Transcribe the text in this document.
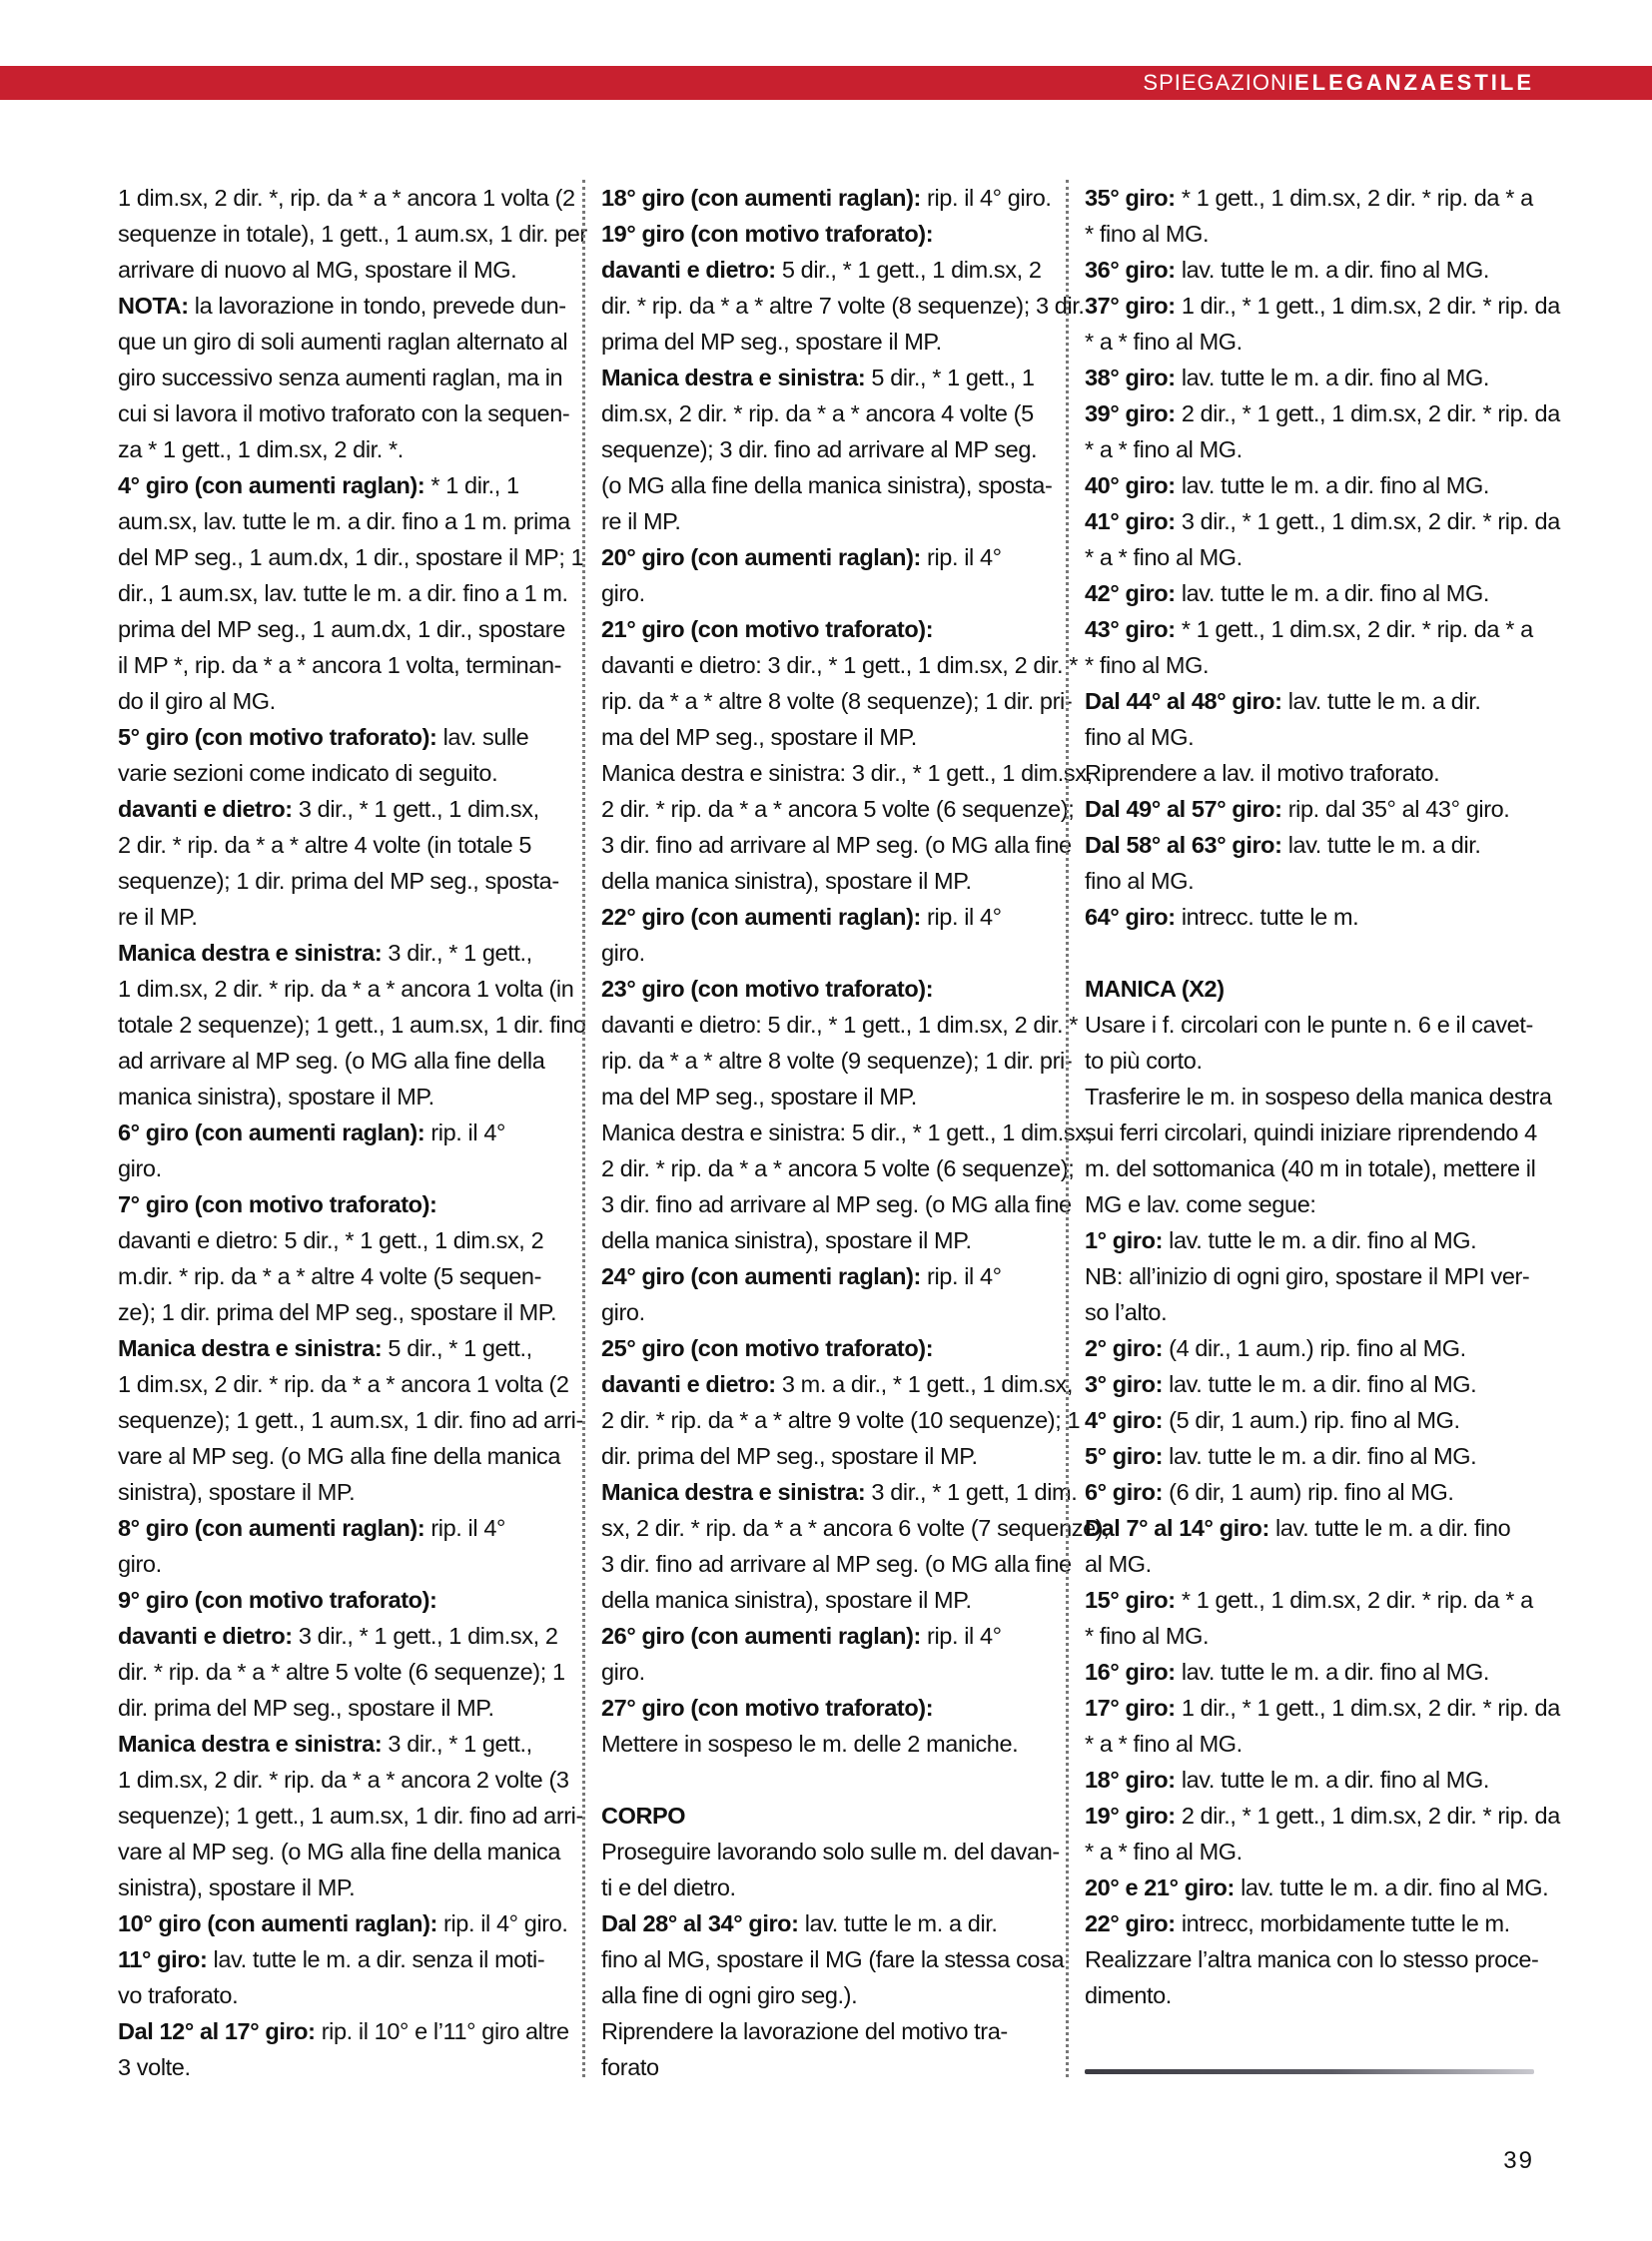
SPIEGAZIONIELEGANZAESTILE
1 dim.sx, 2 dir. *, rip. da * a * ancora 1 volta (2
sequenze in totale), 1 gett., 1 aum.sx, 1 dir. per
arrivare di nuovo al MG, spostare il MG.
NOTA: la lavorazione in tondo, prevede dun-
que un giro di soli aumenti raglan alternato al
giro successivo senza aumenti raglan, ma in
cui si lavora il motivo traforato con la sequen-
za * 1 gett., 1 dim.sx, 2 dir. *.
4° giro (con aumenti raglan): * 1 dir., 1
aum.sx, lav. tutte le m. a dir. fino a 1 m. prima
del MP seg., 1 aum.dx, 1 dir., spostare il MP; 1
dir., 1 aum.sx, lav. tutte le m. a dir. fino a 1 m.
prima del MP seg., 1 aum.dx, 1 dir., spostare
il MP *, rip. da * a * ancora 1 volta, terminan-
do il giro al MG.
5° giro (con motivo traforato): lav. sulle
varie sezioni come indicato di seguito.
davanti e dietro: 3 dir., * 1 gett., 1 dim.sx,
2 dir. * rip. da * a * altre 4 volte (in totale 5
sequenze); 1 dir. prima del MP seg., sposta-
re il MP.
Manica destra e sinistra: 3 dir., * 1 gett.,
1 dim.sx, 2 dir. * rip. da * a * ancora 1 volta (in
totale 2 sequenze); 1 gett., 1 aum.sx, 1 dir. fino
ad arrivare al MP seg. (o MG alla fine della
manica sinistra), spostare il MP.
6° giro (con aumenti raglan): rip. il 4°
giro.
7° giro (con motivo traforato):
davanti e dietro: 5 dir., * 1 gett., 1 dim.sx, 2
m.dir. * rip. da * a * altre 4 volte (5 sequen-
ze); 1 dir. prima del MP seg., spostare il MP.
Manica destra e sinistra: 5 dir., * 1 gett.,
1 dim.sx, 2 dir. * rip. da * a * ancora 1 volta (2
sequenze); 1 gett., 1 aum.sx, 1 dir. fino ad arri-
vare al MP seg. (o MG alla fine della manica
sinistra), spostare il MP.
8° giro (con aumenti raglan): rip. il 4°
giro.
9° giro (con motivo traforato):
davanti e dietro: 3 dir., * 1 gett., 1 dim.sx, 2
dir. * rip. da * a * altre 5 volte (6 sequenze); 1
dir. prima del MP seg., spostare il MP.
Manica destra e sinistra: 3 dir., * 1 gett.,
1 dim.sx, 2 dir. * rip. da * a * ancora 2 volte (3
sequenze); 1 gett., 1 aum.sx, 1 dir. fino ad arri-
vare al MP seg. (o MG alla fine della manica
sinistra), spostare il MP.
10° giro (con aumenti raglan): rip. il 4° giro.
11° giro: lav. tutte le m. a dir. senza il moti-
vo traforato.
Dal 12° al 17° giro: rip. il 10° e l’11° giro altre
3 volte.
18° giro (con aumenti raglan): rip. il 4° giro.
19° giro (con motivo traforato):
davanti e dietro: 5 dir., * 1 gett., 1 dim.sx, 2
dir. * rip. da * a * altre 7 volte (8 sequenze); 3 dir.
prima del MP seg., spostare il MP.
Manica destra e sinistra: 5 dir., * 1 gett., 1
dim.sx, 2 dir. * rip. da * a * ancora 4 volte (5
sequenze); 3 dir. fino ad arrivare al MP seg.
(o MG alla fine della manica sinistra), sposta-
re il MP.
20° giro (con aumenti raglan): rip. il 4°
giro.
21° giro (con motivo traforato):
davanti e dietro: 3 dir., * 1 gett., 1 dim.sx, 2 dir. *
rip. da * a * altre 8 volte (8 sequenze); 1 dir. pri-
ma del MP seg., spostare il MP.
Manica destra e sinistra: 3 dir., * 1 gett., 1 dim.sx,
2 dir. * rip. da * a * ancora 5 volte (6 sequenze);
3 dir. fino ad arrivare al MP seg. (o MG alla fine
della manica sinistra), spostare il MP.
22° giro (con aumenti raglan): rip. il 4°
giro.
23° giro (con motivo traforato):
davanti e dietro: 5 dir., * 1 gett., 1 dim.sx, 2 dir. *
rip. da * a * altre 8 volte (9 sequenze); 1 dir. pri-
ma del MP seg., spostare il MP.
Manica destra e sinistra: 5 dir., * 1 gett., 1 dim.sx,
2 dir. * rip. da * a * ancora 5 volte (6 sequenze);
3 dir. fino ad arrivare al MP seg. (o MG alla fine
della manica sinistra), spostare il MP.
24° giro (con aumenti raglan): rip. il 4°
giro.
25° giro (con motivo traforato):
davanti e dietro: 3 m. a dir., * 1 gett., 1 dim.sx,
2 dir. * rip. da * a * altre 9 volte (10 sequenze); 1
dir. prima del MP seg., spostare il MP.
Manica destra e sinistra: 3 dir., * 1 gett, 1 dim.
sx, 2 dir. * rip. da * a * ancora 6 volte (7 sequenze);
3 dir. fino ad arrivare al MP seg. (o MG alla fine
della manica sinistra), spostare il MP.
26° giro (con aumenti raglan): rip. il 4°
giro.
27° giro (con motivo traforato):
Mettere in sospeso le m. delle 2 maniche.
CORPO
Proseguire lavorando solo sulle m. del davan-
ti e del dietro.
Dal 28° al 34° giro: lav. tutte le m. a dir.
fino al MG, spostare il MG (fare la stessa cosa
alla fine di ogni giro seg.).
Riprendere la lavorazione del motivo tra-
forato
35° giro: * 1 gett., 1 dim.sx, 2 dir. * rip. da * a
* fino al MG.
36° giro: lav. tutte le m. a dir. fino al MG.
37° giro: 1 dir., * 1 gett., 1 dim.sx, 2 dir. * rip. da
* a * fino al MG.
38° giro: lav. tutte le m. a dir. fino al MG.
39° giro: 2 dir., * 1 gett., 1 dim.sx, 2 dir. * rip. da
* a * fino al MG.
40° giro: lav. tutte le m. a dir. fino al MG.
41° giro: 3 dir., * 1 gett., 1 dim.sx, 2 dir. * rip. da
* a * fino al MG.
42° giro: lav. tutte le m. a dir. fino al MG.
43° giro: * 1 gett., 1 dim.sx, 2 dir. * rip. da * a
* fino al MG.
Dal 44° al 48° giro: lav. tutte le m. a dir.
fino al MG.
Riprendere a lav. il motivo traforato.
Dal 49° al 57° giro: rip. dal 35° al 43° giro.
Dal 58° al 63° giro: lav. tutte le m. a dir.
fino al MG.
64° giro: intrecc. tutte le m.
MANICA (X2)
Usare i f. circolari con le punte n. 6 e il cavet-
to più corto.
Trasferire le m. in sospeso della manica destra
sui ferri circolari, quindi iniziare riprendendo 4
m. del sottomanica (40 m in totale), mettere il
MG e lav. come segue:
1° giro: lav. tutte le m. a dir. fino al MG.
NB: all’inizio di ogni giro, spostare il MPI ver-
so l’alto.
2° giro: (4 dir., 1 aum.) rip. fino al MG.
3° giro: lav. tutte le m. a dir. fino al MG.
4° giro: (5 dir, 1 aum.) rip. fino al MG.
5° giro: lav. tutte le m. a dir. fino al MG.
6° giro: (6 dir, 1 aum) rip. fino al MG.
Dal 7° al 14° giro: lav. tutte le m. a dir. fino
al MG.
15° giro: * 1 gett., 1 dim.sx, 2 dir. * rip. da * a
* fino al MG.
16° giro: lav. tutte le m. a dir. fino al MG.
17° giro: 1 dir., * 1 gett., 1 dim.sx, 2 dir. * rip. da
* a * fino al MG.
18° giro: lav. tutte le m. a dir. fino al MG.
19° giro: 2 dir., * 1 gett., 1 dim.sx, 2 dir. * rip. da
* a * fino al MG.
20° e 21° giro: lav. tutte le m. a dir. fino al MG.
22° giro: intrecc, morbidamente tutte le m.
Realizzare l’altra manica con lo stesso proce-
dimento.
39
